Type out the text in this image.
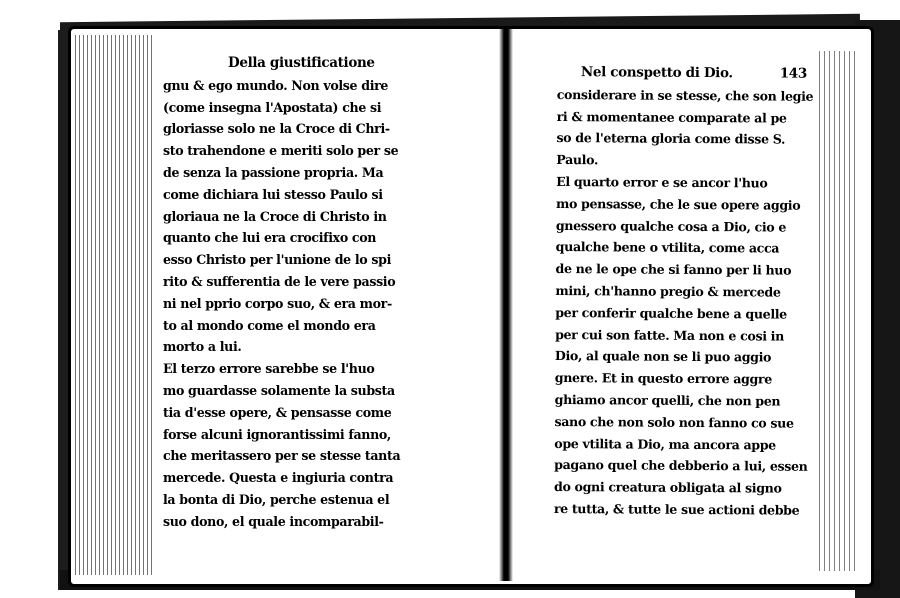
Della giustificatione
gnu & ego mundo. Non volse dire
(come insegna l'Apostata) che si
gloriasse solo ne la Croce di Chri-
sto trahendone e meriti solo per se
de senza la passione propria. Ma
come dichiara lui stesso Paulo si
gloriaua ne la Croce di Christo in
quanto che lui era crocifixo con
esso Christo per l'unione de lo spi
rito & sufferentia de le vere passio
ni nel pprio corpo suo, & era mor-
to al mondo come el mondo era
morto a lui.
El terzo errore sarebbe se l'huo
mo guardasse solamente la substa
tia d'esse opere, & pensasse come
forse alcuni ignorantissimi fanno,
che meritassero per se stesse tanta
mercede. Questa e ingiuria contra
la bonta di Dio, perche estenua el
suo dono, el quale incomparabil-
Nel conspetto di Dio.	143
considerare in se stesse, che son legie
ri & momentanee comparate al pe
so de l'eterna gloria come disse S.
Paulo.
El quarto error e se ancor l'huo
mo pensasse, che le sue opere aggio
gnessero qualche cosa a Dio, cio e
qualche bene o vtilita, come acca
de ne le ope che si fanno per li huo
mini, ch'hanno pregio & mercede
per conferir qualche bene a quelle
per cui son fatte. Ma non e cosi in
Dio, al quale non se li puo aggio
gnere. Et in questo errore aggre
ghiamo ancor quelli, che non pen
sano che non solo non fanno co sue
ope vtilita a Dio, ma ancora appe
pagano quel che debberio a lui, essen
do ogni creatura obligata al signo
re tutta, & tutte le sue actioni debbe
